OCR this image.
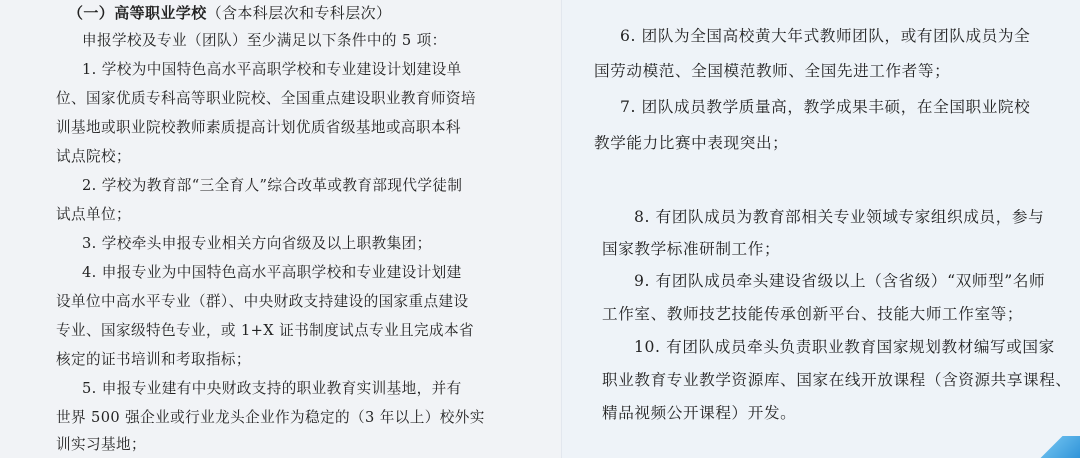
（一）高等职业学校（含本科层次和专科层次）
申报学校及专业（团队）至少满足以下条件中的 5 项：
1. 学校为中国特色高水平高职学校和专业建设计划建设单
位、国家优质专科高等职业院校、全国重点建设职业教育师资培
训基地或职业院校教师素质提高计划优质省级基地或高职本科
试点院校；
2. 学校为教育部“三全育人”综合改革或教育部现代学徒制
试点单位；
3. 学校牵头申报专业相关方向省级及以上职教集团；
4. 申报专业为中国特色高水平高职学校和专业建设计划建
设单位中高水平专业（群）、中央财政支持建设的国家重点建设
专业、国家级特色专业，或 1+X 证书制度试点专业且完成本省
核定的证书培训和考取指标；
5. 申报专业建有中央财政支持的职业教育实训基地，并有
世界 500 强企业或行业龙头企业作为稳定的（3 年以上）校外实
训实习基地；
6. 团队为全国高校黄大年式教师团队，或有团队成员为全
国劳动模范、全国模范教师、全国先进工作者等；
7. 团队成员教学质量高，教学成果丰硕，在全国职业院校
教学能力比赛中表现突出；
8. 有团队成员为教育部相关专业领域专家组织成员，参与
国家教学标准研制工作；
9. 有团队成员牵头建设省级以上（含省级）“双师型”名师
工作室、教师技艺技能传承创新平台、技能大师工作室等；
10. 有团队成员牵头负责职业教育国家规划教材编写或国家
职业教育专业教学资源库、国家在线开放课程（含资源共享课程、
精品视频公开课程）开发。
